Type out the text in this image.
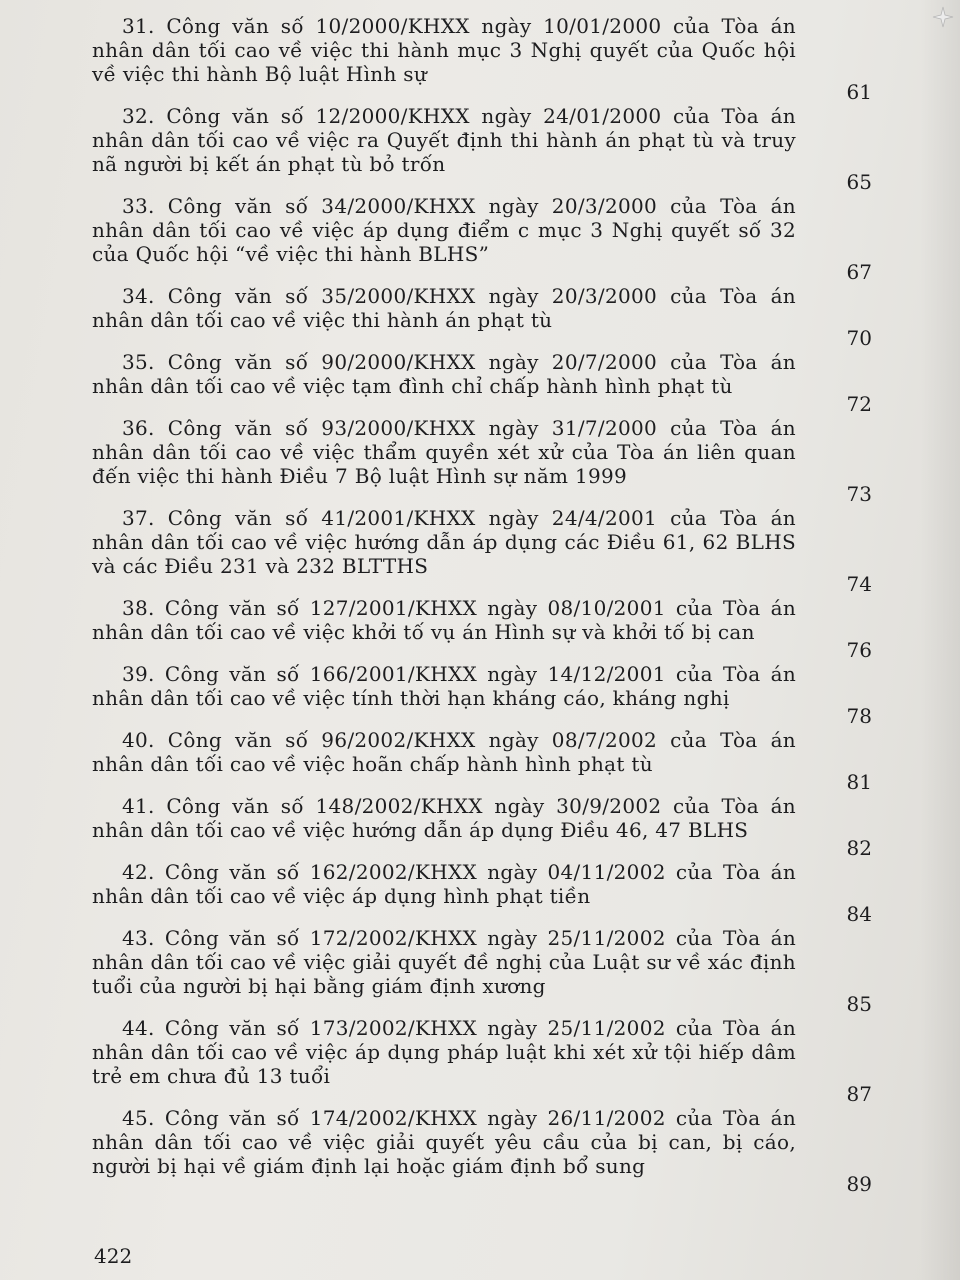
31. Công văn số 10/2000/KHXX ngày 10/01/2000 của Tòa án nhân dân tối cao về việc thi hành mục 3 Nghị quyết của Quốc hội về việc thi hành Bộ luật Hình sự
61
32. Công văn số 12/2000/KHXX ngày 24/01/2000 của Tòa án nhân dân tối cao về việc ra Quyết định thi hành án phạt tù và truy nã người bị kết án phạt tù bỏ trốn
65
33. Công văn số 34/2000/KHXX ngày 20/3/2000 của Tòa án nhân dân tối cao về việc áp dụng điểm c mục 3 Nghị quyết số 32 của Quốc hội “về việc thi hành BLHS”
67
34. Công văn số 35/2000/KHXX ngày 20/3/2000 của Tòa án nhân dân tối cao về việc thi hành án phạt tù
70
35. Công văn số 90/2000/KHXX ngày 20/7/2000 của Tòa án nhân dân tối cao về việc tạm đình chỉ chấp hành hình phạt tù
72
36. Công văn số 93/2000/KHXX ngày 31/7/2000 của Tòa án nhân dân tối cao về việc thẩm quyền xét xử của Tòa án liên quan đến việc thi hành Điều 7 Bộ luật Hình sự năm 1999
73
37. Công văn số 41/2001/KHXX ngày 24/4/2001 của Tòa án nhân dân tối cao về việc hướng dẫn áp dụng các Điều 61, 62 BLHS và các Điều 231 và 232 BLTTHS
74
38. Công văn số 127/2001/KHXX ngày 08/10/2001 của Tòa án nhân dân tối cao về việc khởi tố vụ án Hình sự và khởi tố bị can
76
39. Công văn số 166/2001/KHXX ngày 14/12/2001 của Tòa án nhân dân tối cao về việc tính thời hạn kháng cáo, kháng nghị
78
40. Công văn số 96/2002/KHXX ngày 08/7/2002 của Tòa án nhân dân tối cao về việc hoãn chấp hành hình phạt tù
81
41. Công văn số 148/2002/KHXX ngày 30/9/2002 của Tòa án nhân dân tối cao về việc hướng dẫn áp dụng Điều 46, 47 BLHS
82
42. Công văn số 162/2002/KHXX ngày 04/11/2002 của Tòa án nhân dân tối cao về việc áp dụng hình phạt tiền
84
43. Công văn số 172/2002/KHXX ngày 25/11/2002 của Tòa án nhân dân tối cao về việc giải quyết đề nghị của Luật sư về xác định tuổi của người bị hại bằng giám định xương
85
44. Công văn số 173/2002/KHXX ngày 25/11/2002 của Tòa án nhân dân tối cao về việc áp dụng pháp luật khi xét xử tội hiếp dâm trẻ em chưa đủ 13 tuổi
87
45. Công văn số 174/2002/KHXX ngày 26/11/2002 của Tòa án nhân dân tối cao về việc giải quyết yêu cầu của bị can, bị cáo, người bị hại về giám định lại hoặc giám định bổ sung
89
422
